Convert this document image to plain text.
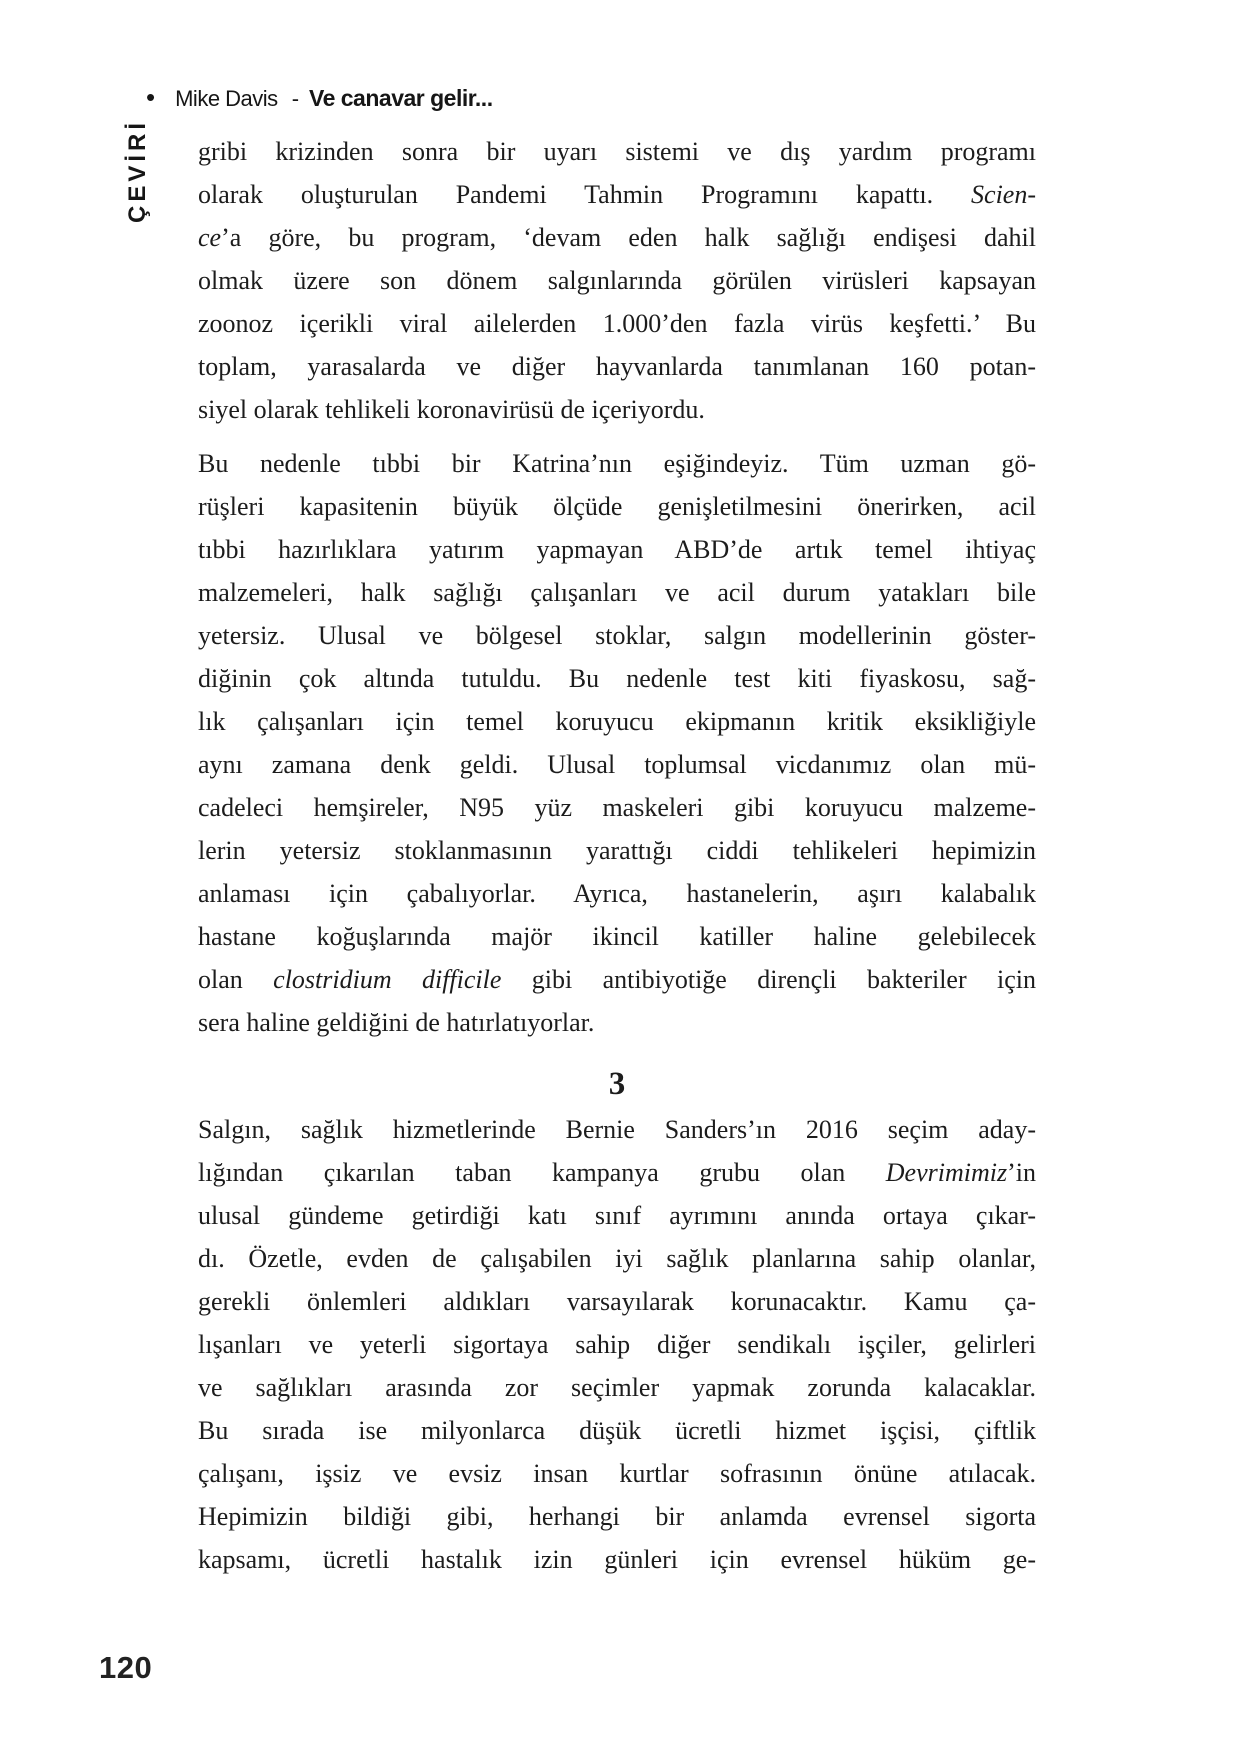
• Mike Davis - Ve canavar gelir...
ÇEVİRİ gribi krizinden sonra bir uyarı sistemi ve dış yardım programı
olarak oluşturulan Pandemi Tahmin Programını kapattı. Scien-
ce’a göre, bu program, ‘devam eden halk sağlığı endişesi dahil
olmak üzere son dönem salgınlarında görülen virüsleri kapsayan
zoonoz içerikli viral ailelerden 1.000’den fazla virüs keşfetti.’ Bu
toplam, yarasalarda ve diğer hayvanlarda tanımlanan 160 potan-
siyel olarak tehlikeli koronavirüsü de içeriyordu.
Bu nedenle tıbbi bir Katrina’nın eşiğindeyiz. Tüm uzman gö-
rüşleri kapasitenin büyük ölçüde genişletilmesini önerirken, acil
tıbbi hazırlıklara yatırım yapmayan ABD’de artık temel ihtiyaç
malzemeleri, halk sağlığı çalışanları ve acil durum yatakları bile
yetersiz. Ulusal ve bölgesel stoklar, salgın modellerinin göster-
diğinin çok altında tutuldu. Bu nedenle test kiti fiyaskosu, sağ-
lık çalışanları için temel koruyucu ekipmanın kritik eksikliğiyle
aynı zamana denk geldi. Ulusal toplumsal vicdanımız olan mü-
cadeleci hemşireler, N95 yüz maskeleri gibi koruyucu malzeme-
lerin yetersiz stoklanmasının yarattığı ciddi tehlikeleri hepimizin
anlaması için çabalıyorlar. Ayrıca, hastanelerin, aşırı kalabalık
hastane koğuşlarında majör ikincil katiller haline gelebilecek
olan clostridium difficile gibi antibiyotiğe dirençli bakteriler için
sera haline geldiğini de hatırlatıyorlar.
3
Salgın, sağlık hizmetlerinde Bernie Sanders’ın 2016 seçim aday-
lığından çıkarılan taban kampanya grubu olan Devrimimiz’in
ulusal gündeme getirdiği katı sınıf ayrımını anında ortaya çıkar-
dı. Özetle, evden de çalışabilen iyi sağlık planlarına sahip olanlar,
gerekli önlemleri aldıkları varsayılarak korunacaktır. Kamu ça-
lışanları ve yeterli sigortaya sahip diğer sendikalı işçiler, gelirleri
ve sağlıkları arasında zor seçimler yapmak zorunda kalacaklar.
Bu sırada ise milyonlarca düşük ücretli hizmet işçisi, çiftlik
çalışanı, işsiz ve evsiz insan kurtlar sofrasının önüne atılacak.
Hepimizin bildiği gibi, herhangi bir anlamda evrensel sigorta
kapsamı, ücretli hastalık izin günleri için evrensel hüküm ge-
120
